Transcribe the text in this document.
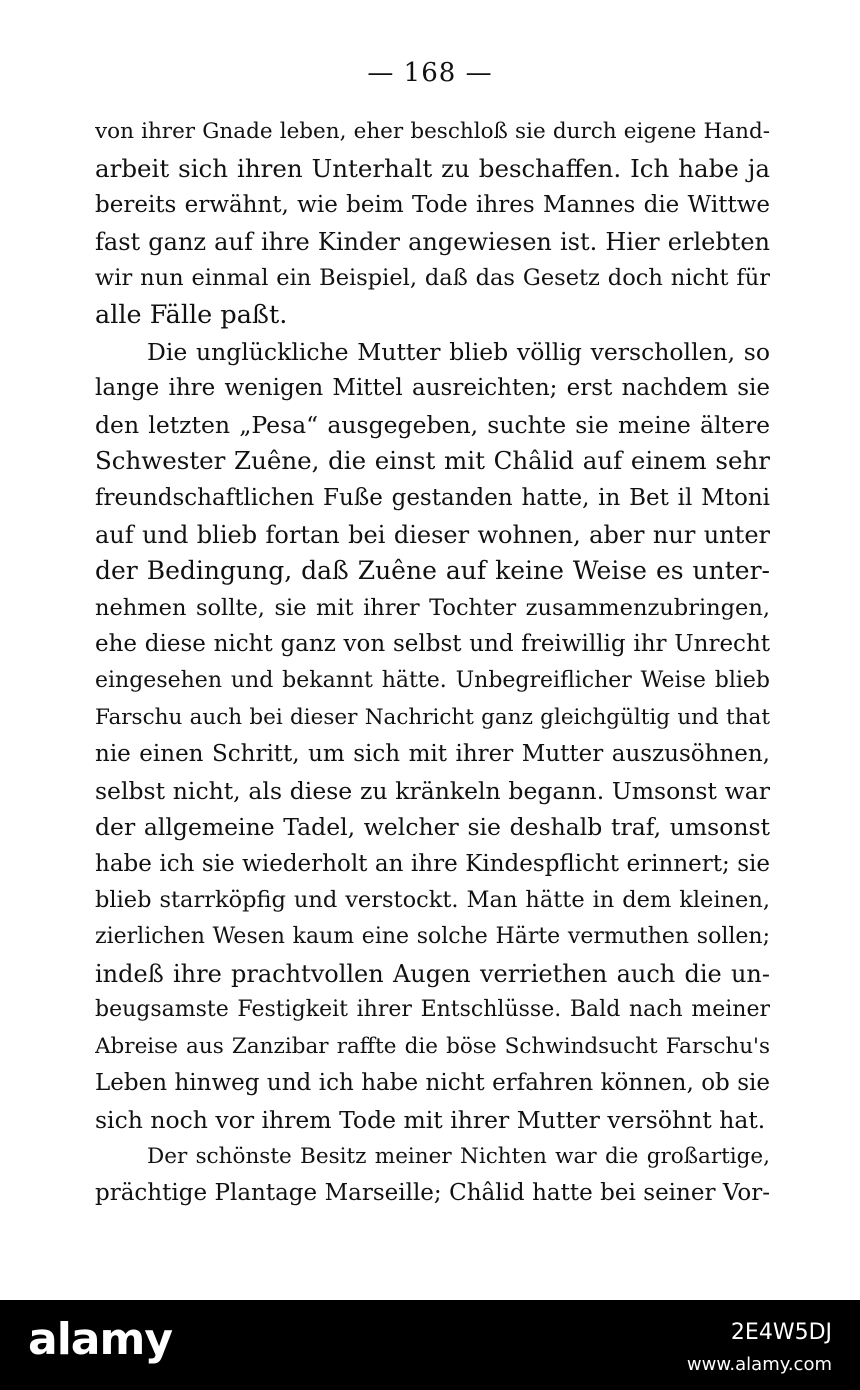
— 168 —
von ihrer Gnade leben, eher beschloß sie durch eigene Hand-
arbeit sich ihren Unterhalt zu beschaffen. Ich habe ja
bereits erwähnt, wie beim Tode ihres Mannes die Wittwe
fast ganz auf ihre Kinder angewiesen ist. Hier erlebten
wir nun einmal ein Beispiel, daß das Gesetz doch nicht für
alle Fälle paßt.
Die unglückliche Mutter blieb völlig verschollen, so
lange ihre wenigen Mittel ausreichten; erst nachdem sie
den letzten „Pesa“ ausgegeben, suchte sie meine ältere
Schwester Zuêne, die einst mit Châlid auf einem sehr
freundschaftlichen Fuße gestanden hatte, in Bet il Mtoni
auf und blieb fortan bei dieser wohnen, aber nur unter
der Bedingung, daß Zuêne auf keine Weise es unter-
nehmen sollte, sie mit ihrer Tochter zusammenzubringen,
ehe diese nicht ganz von selbst und freiwillig ihr Unrecht
eingesehen und bekannt hätte. Unbegreiflicher Weise blieb
Farschu auch bei dieser Nachricht ganz gleichgültig und that
nie einen Schritt, um sich mit ihrer Mutter auszusöhnen,
selbst nicht, als diese zu kränkeln begann. Umsonst war
der allgemeine Tadel, welcher sie deshalb traf, umsonst
habe ich sie wiederholt an ihre Kindespflicht erinnert; sie
blieb starrköpfig und verstockt. Man hätte in dem kleinen,
zierlichen Wesen kaum eine solche Härte vermuthen sollen;
indeß ihre prachtvollen Augen verriethen auch die un-
beugsamste Festigkeit ihrer Entschlüsse. Bald nach meiner
Abreise aus Zanzibar raffte die böse Schwindsucht Farschu's
Leben hinweg und ich habe nicht erfahren können, ob sie
sich noch vor ihrem Tode mit ihrer Mutter versöhnt hat.
Der schönste Besitz meiner Nichten war die großartige,
prächtige Plantage Marseille; Châlid hatte bei seiner Vor-
alamy	2E4W5DJ
www.alamy.com
